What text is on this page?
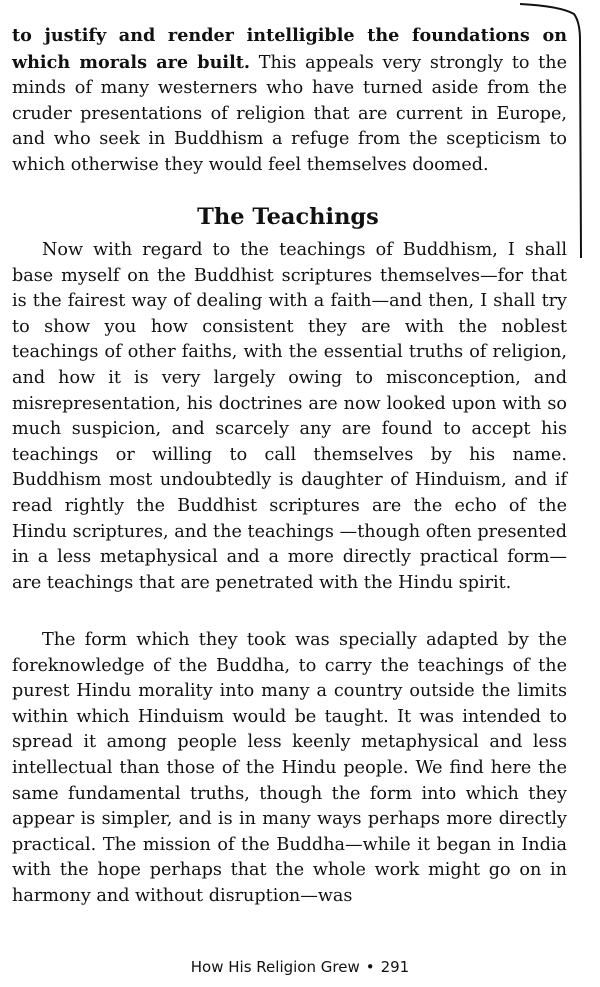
to justify and render intelligible the foundations on which morals are built. This appeals very strongly to the minds of many westerners who have turned aside from the cruder presentations of religion that are current in Europe, and who seek in Buddhism a refuge from the scepticism to which otherwise they would feel themselves doomed.

The Teachings

Now with regard to the teachings of Buddhism, I shall base myself on the Buddhist scriptures themselves—for that is the fairest way of dealing with a faith—and then, I shall try to show you how consistent they are with the noblest teachings of other faiths, with the essential truths of religion, and how it is very largely owing to misconception, and misrepresentation, his doctrines are now looked upon with so much suspicion, and scarcely any are found to accept his teachings or willing to call themselves by his name. Buddhism most undoubtedly is daughter of Hinduism, and if read rightly the Buddhist scriptures are the echo of the Hindu scriptures, and the teachings —though often presented in a less metaphysical and a more directly practical form—are teachings that are penetrated with the Hindu spirit.

The form which they took was specially adapted by the foreknowledge of the Buddha, to carry the teachings of the purest Hindu morality into many a country outside the limits within which Hinduism would be taught. It was intended to spread it among people less keenly metaphysical and less intellectual than those of the Hindu people. We find here the same fundamental truths, though the form into which they appear is simpler, and is in many ways perhaps more directly practical. The mission of the Buddha—while it began in India with the hope perhaps that the whole work might go on in harmony and without disruption—was

How His Religion Grew • 291
